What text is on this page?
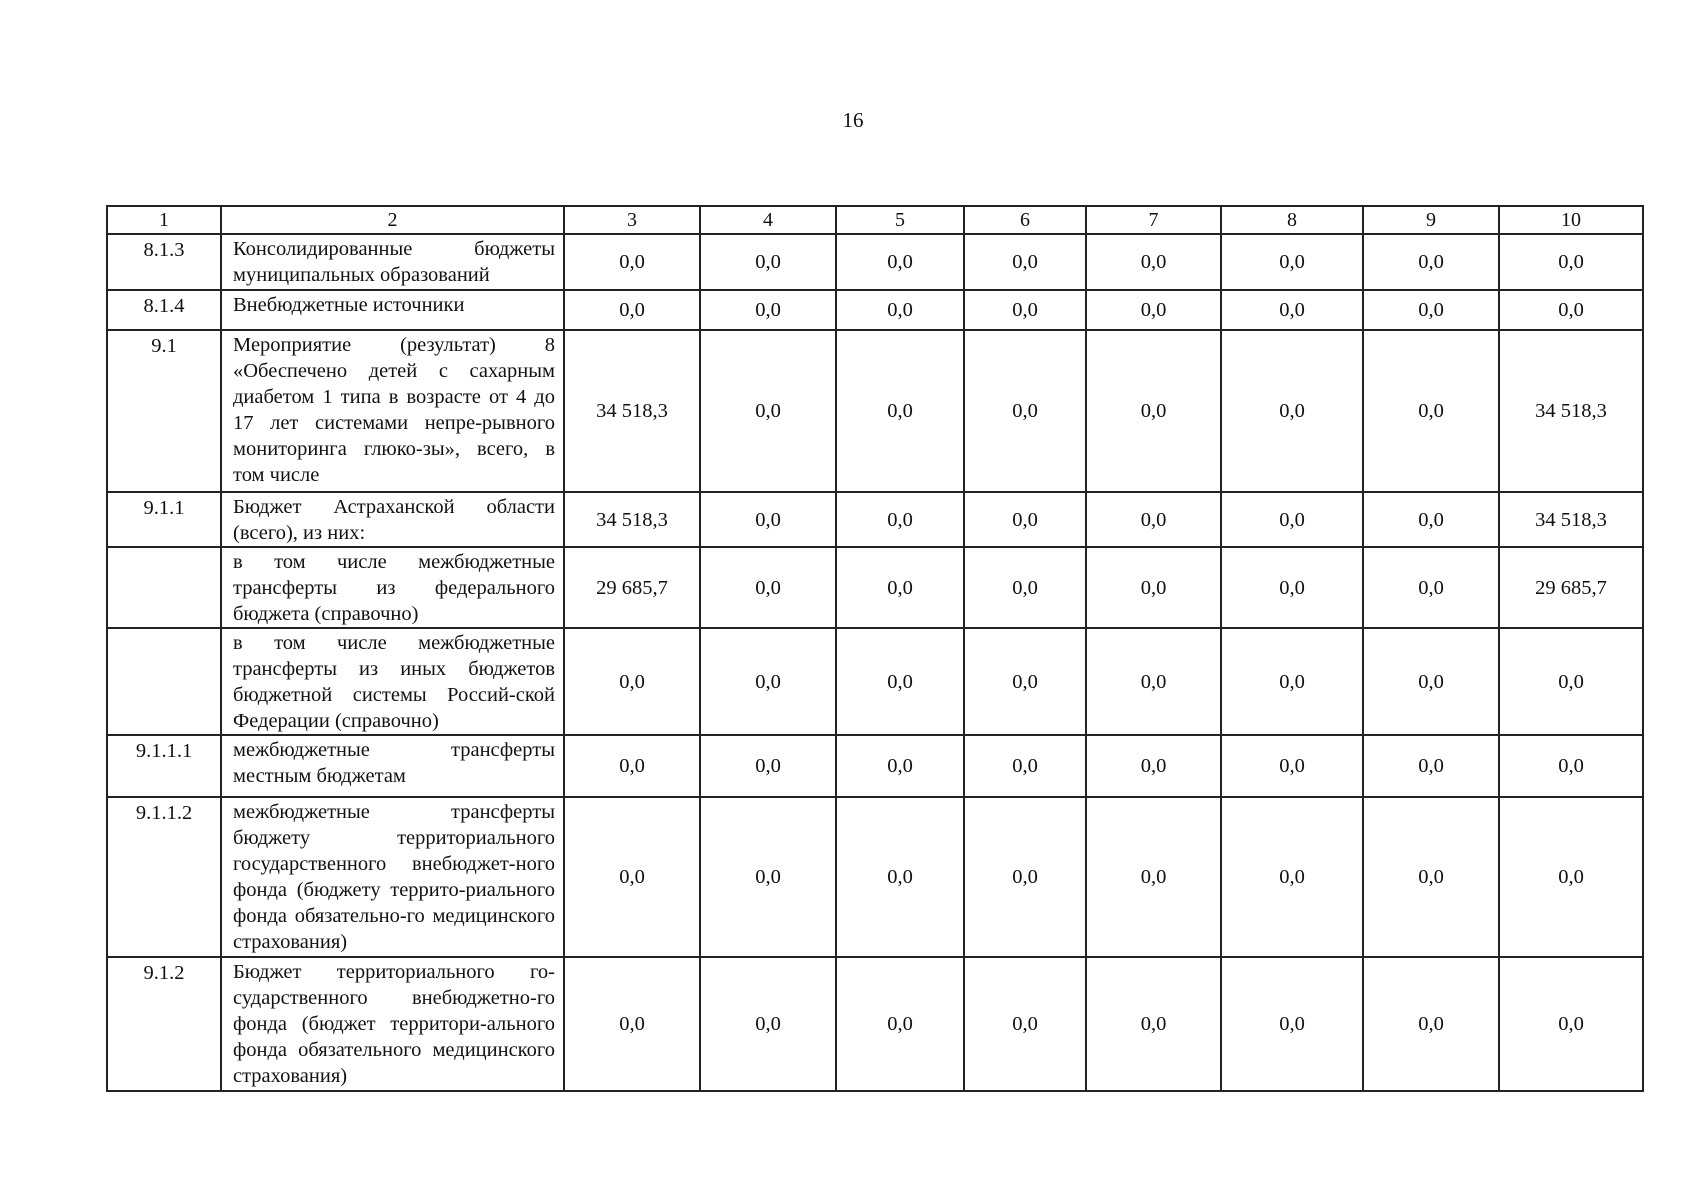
16
1	2	3	4	5	6	7	8	9	10
8.1.3	Консолидированные бюджеты муниципальных образований	0,0	0,0	0,0	0,0	0,0	0,0	0,0	0,0
8.1.4	Внебюджетные источники	0,0	0,0	0,0	0,0	0,0	0,0	0,0	0,0
9.1	Мероприятие (результат) 8 «Обеспечено детей с сахарным диабетом 1 типа в возрасте от 4 до 17 лет системами непре-рывного мониторинга глюко-зы», всего, в том числе	34 518,3	0,0	0,0	0,0	0,0	0,0	0,0	34 518,3
9.1.1	Бюджет Астраханской области (всего), из них:	34 518,3	0,0	0,0	0,0	0,0	0,0	0,0	34 518,3
	в том числе межбюджетные трансферты из федерального бюджета (справочно)	29 685,7	0,0	0,0	0,0	0,0	0,0	0,0	29 685,7
	в том числе межбюджетные трансферты из иных бюджетов бюджетной системы Россий-ской Федерации (справочно)	0,0	0,0	0,0	0,0	0,0	0,0	0,0	0,0
9.1.1.1	межбюджетные трансферты местным бюджетам	0,0	0,0	0,0	0,0	0,0	0,0	0,0	0,0
9.1.1.2	межбюджетные трансферты бюджету территориального государственного внебюджет-ного фонда (бюджету террито-риального фонда обязательно-го медицинского страхования)	0,0	0,0	0,0	0,0	0,0	0,0	0,0	0,0
9.1.2	Бюджет территориального го-сударственного внебюджетно-го фонда (бюджет территори-ального фонда обязательного медицинского страхования)	0,0	0,0	0,0	0,0	0,0	0,0	0,0	0,0
